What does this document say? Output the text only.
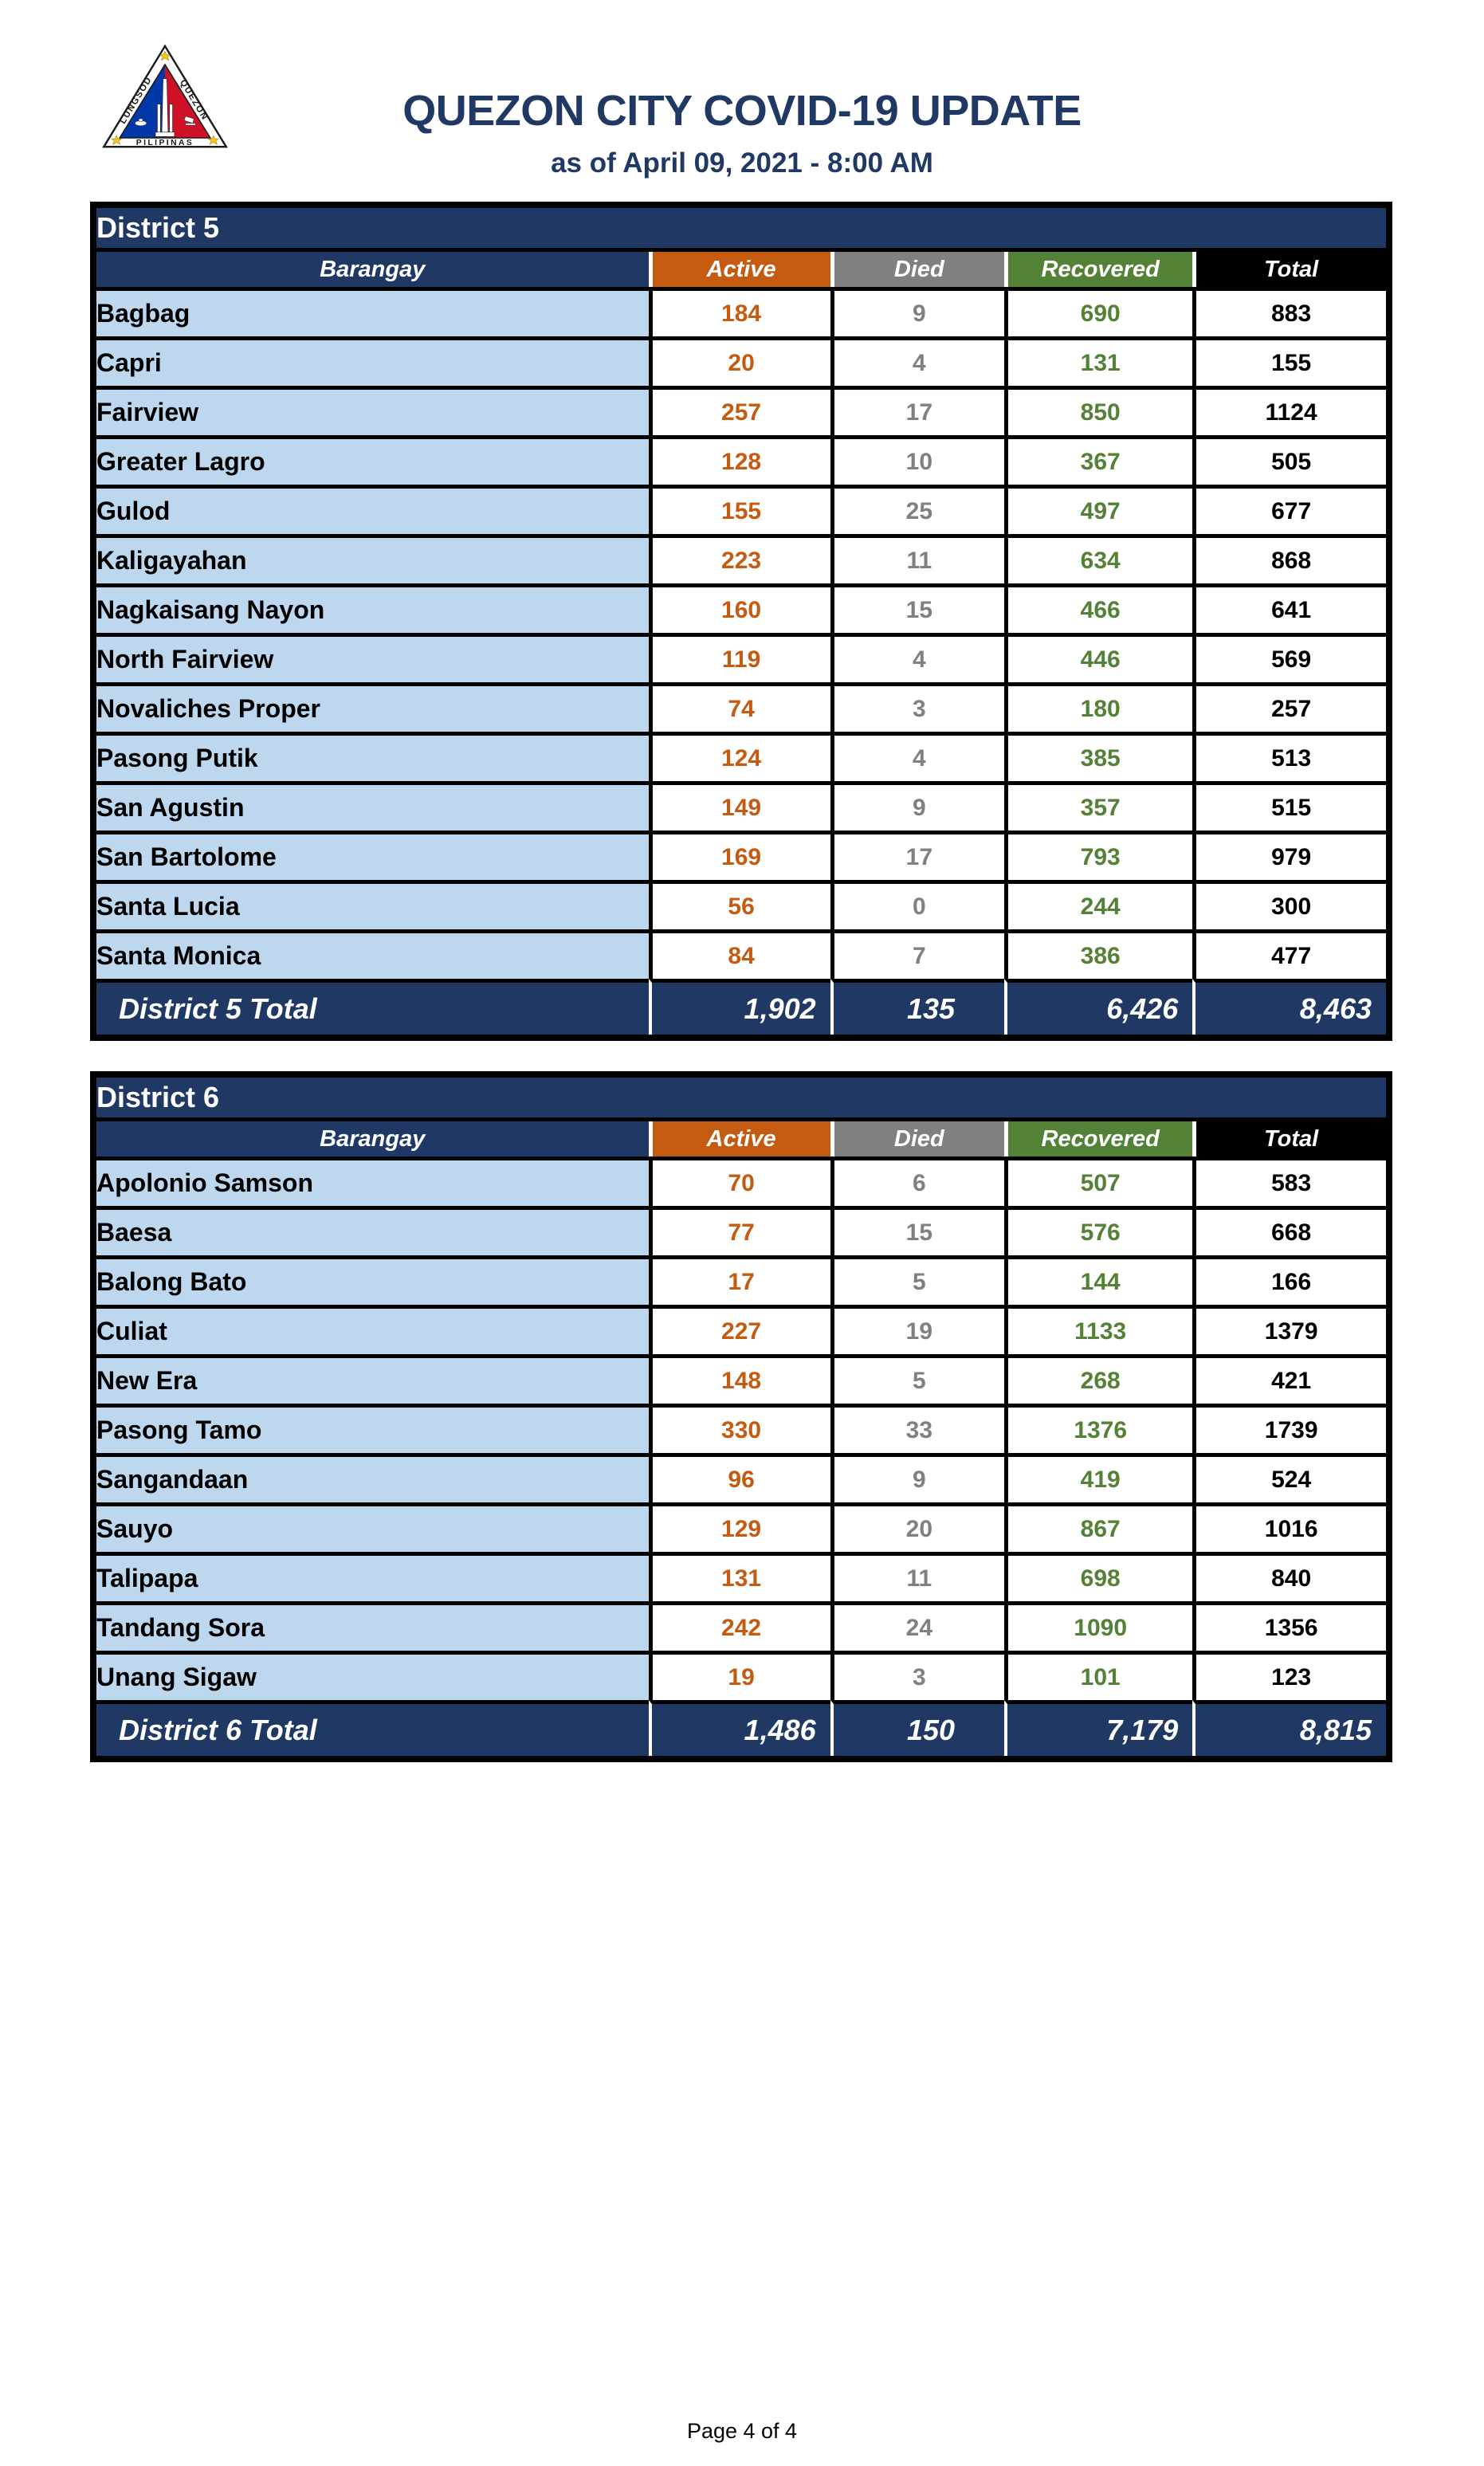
LUNGSOD QUEZON
PILIPINAS
QUEZON CITY COVID-19 UPDATE
as of April 09, 2021 - 8:00 AM
District 5				
Barangay	Active	Died	Recovered	Total
Bagbag	184	9	690	883
Capri	20	4	131	155
Fairview	257	17	850	1124
Greater Lagro	128	10	367	505
Gulod	155	25	497	677
Kaligayahan	223	11	634	868
Nagkaisang Nayon	160	15	466	641
North Fairview	119	4	446	569
Novaliches Proper	74	3	180	257
Pasong Putik	124	4	385	513
San Agustin	149	9	357	515
San Bartolome	169	17	793	979
Santa Lucia	56	0	244	300
Santa Monica	84	7	386	477
District 5 Total	1,902	135	6,426	8,463
District 6				
Barangay	Active	Died	Recovered	Total
Apolonio Samson	70	6	507	583
Baesa	77	15	576	668
Balong Bato	17	5	144	166
Culiat	227	19	1133	1379
New Era	148	5	268	421
Pasong Tamo	330	33	1376	1739
Sangandaan	96	9	419	524
Sauyo	129	20	867	1016
Talipapa	131	11	698	840
Tandang Sora	242	24	1090	1356
Unang Sigaw	19	3	101	123
District 6 Total	1,486	150	7,179	8,815
Page 4 of 4
